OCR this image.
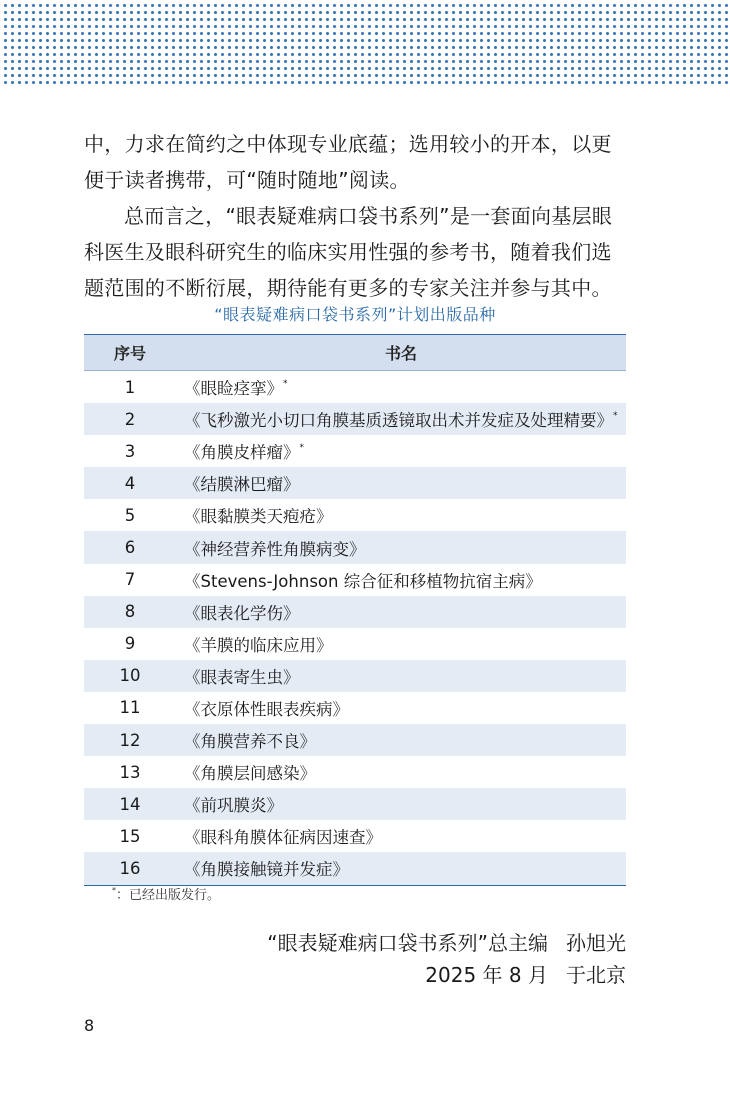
中，力求在简约之中体现专业底蕴；选用较小的开本，以更便于读者携带，可“随时随地”阅读。

总而言之，“眼表疑难病口袋书系列”是一套面向基层眼科医生及眼科研究生的临床实用性强的参考书，随着我们选题范围的不断衍展，期待能有更多的专家关注并参与其中。

“眼表疑难病口袋书系列”计划出版品种
序号	书名
1	《眼睑痉挛》*
2	《飞秒激光小切口角膜基质透镜取出术并发症及处理精要》*
3	《角膜皮样瘤》*
4	《结膜淋巴瘤》
5	《眼黏膜类天疱疮》
6	《神经营养性角膜病变》
7	《Stevens-Johnson 综合征和移植物抗宿主病》
8	《眼表化学伤》
9	《羊膜的临床应用》
10	《眼表寄生虫》
11	《衣原体性眼表疾病》
12	《角膜营养不良》
13	《角膜层间感染》
14	《前巩膜炎》
15	《眼科角膜体征病因速查》
16	《角膜接触镜并发症》
*：已经出版发行。
“眼表疑难病口袋书系列”总主编 孙旭光
2025 年 8 月 于北京
8
